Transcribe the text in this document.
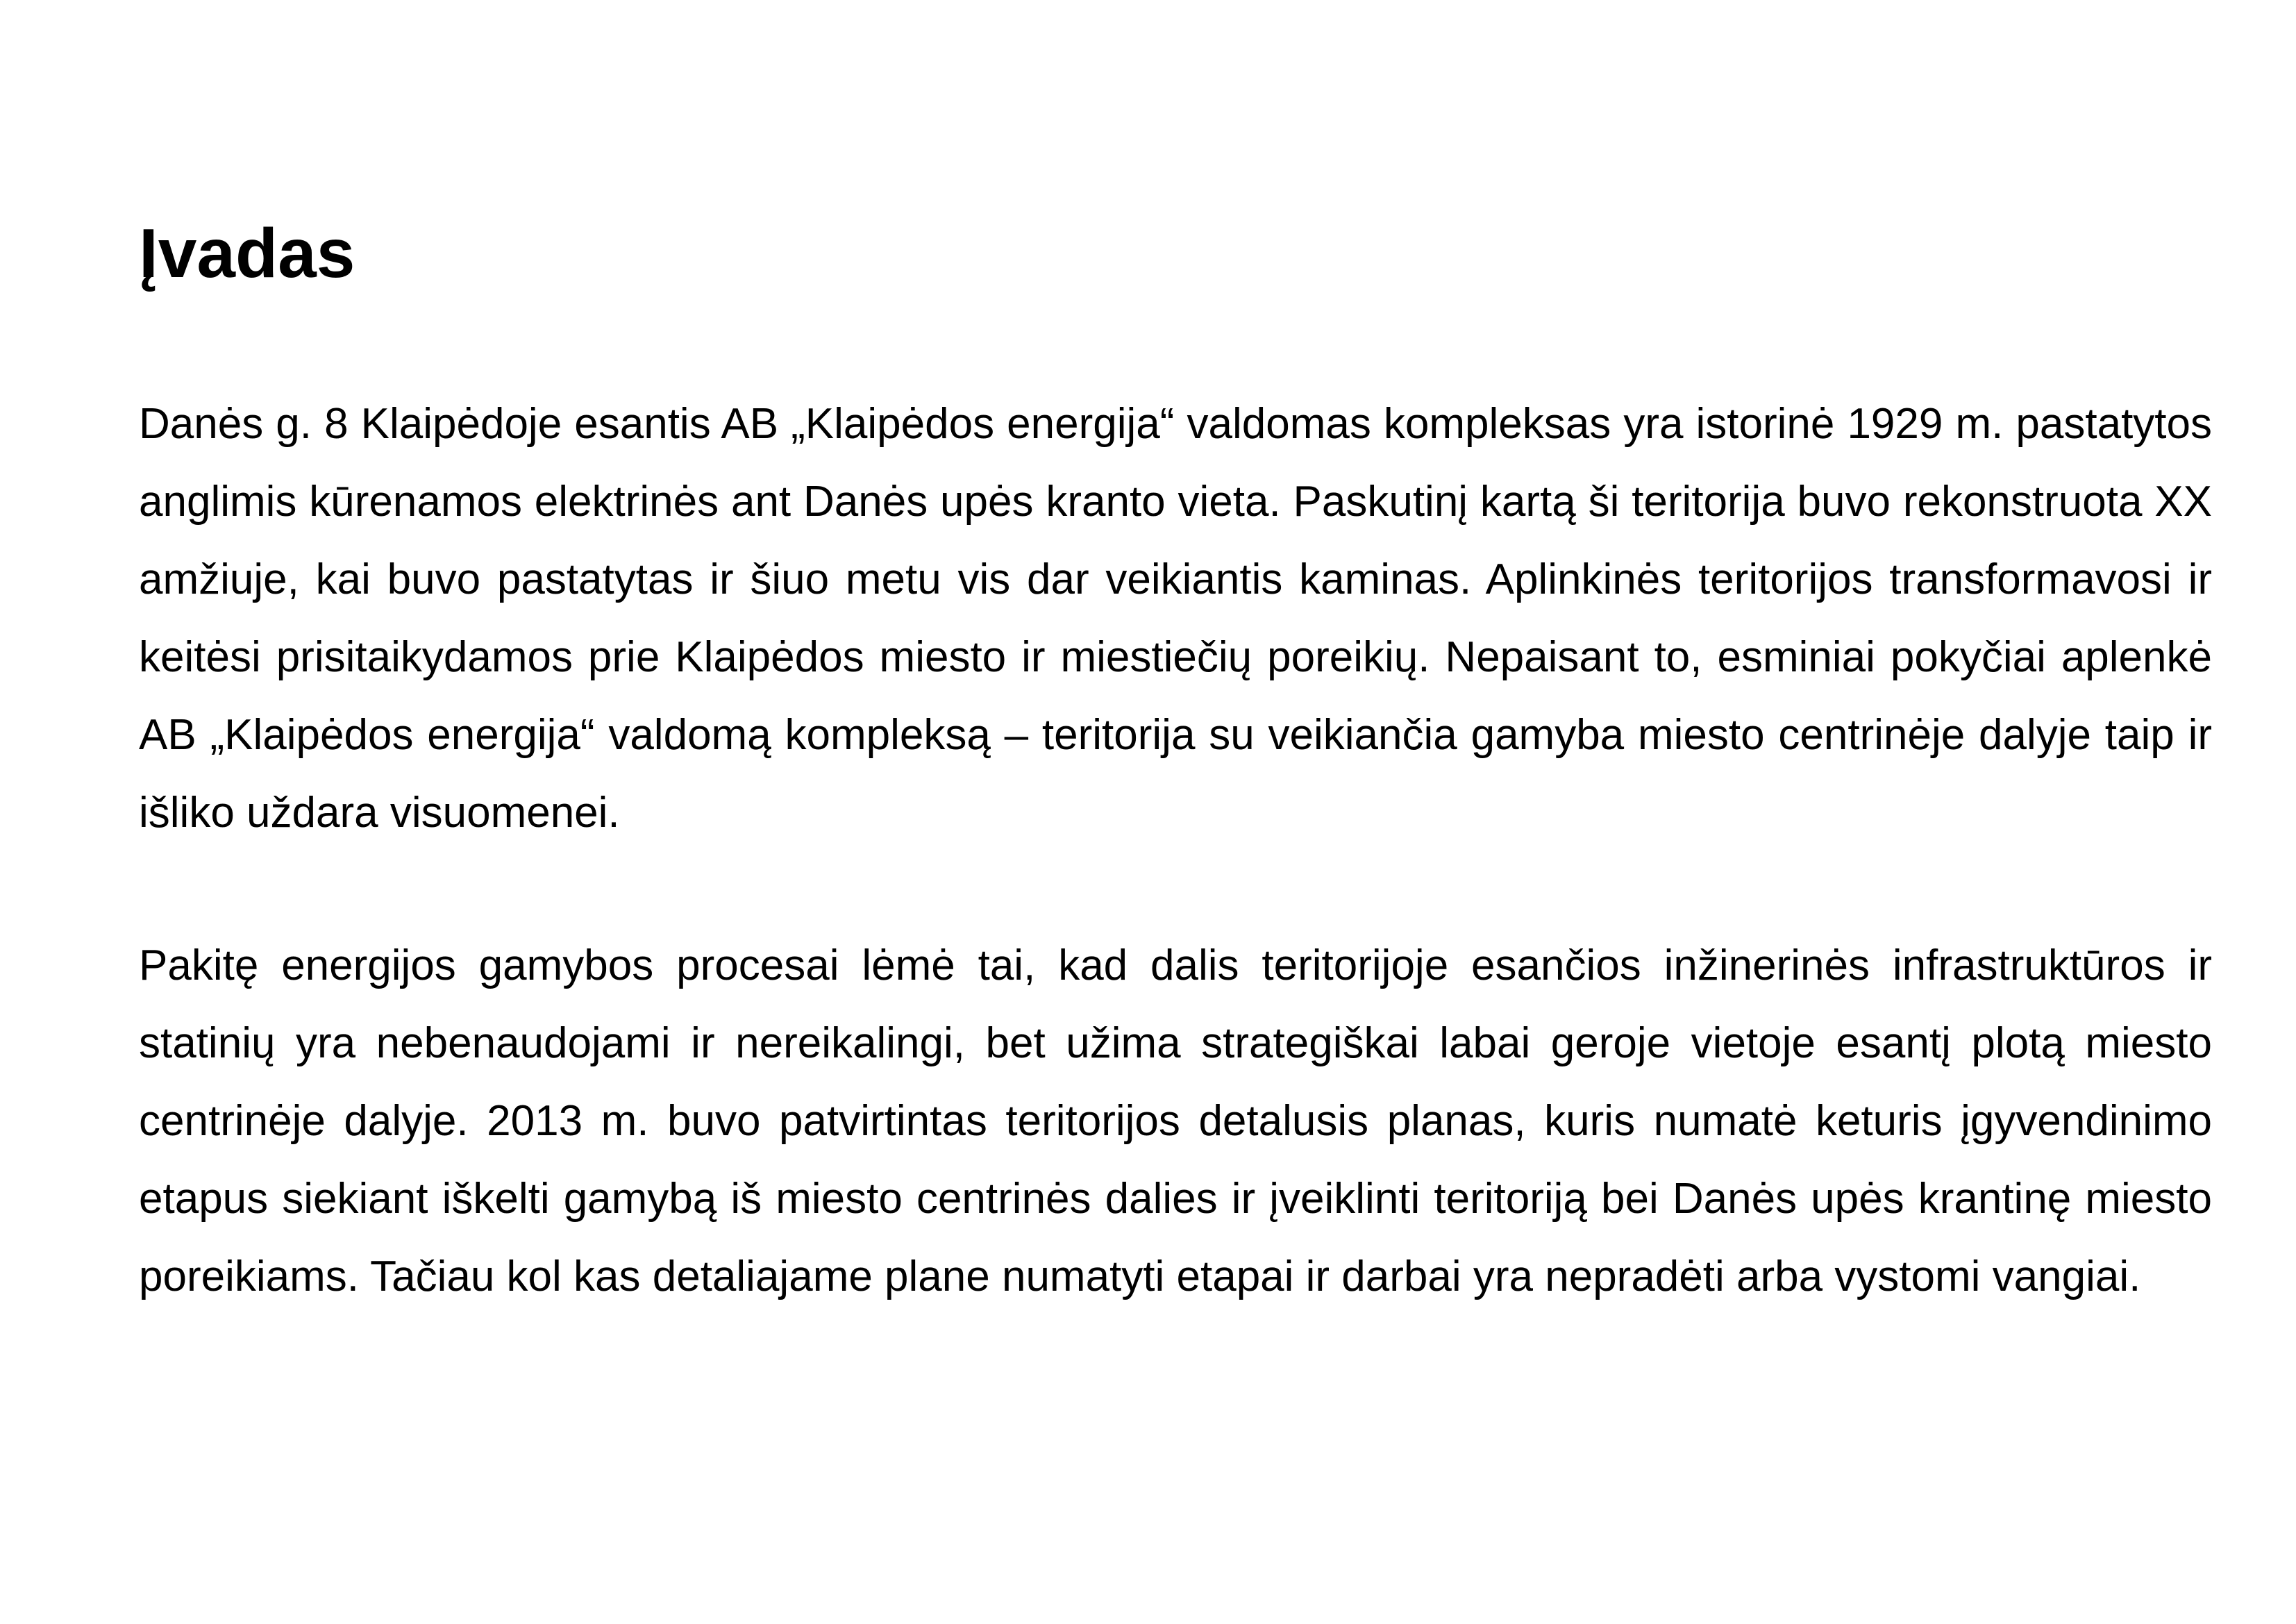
Įvadas

Danės g. 8 Klaipėdoje esantis AB „Klaipėdos energija“ valdomas kompleksas yra istorinė 1929 m. pastatytos anglimis kūrenamos elektrinės ant Danės upės kranto vieta. Paskutinį kartą ši teritorija buvo rekonstruota XX amžiuje, kai buvo pastatytas ir šiuo metu vis dar veikiantis kaminas. Aplinkinės teritorijos transformavosi ir keitėsi prisitaikydamos prie Klaipėdos miesto ir miestiečių poreikių. Nepaisant to, esminiai pokyčiai aplenkė AB „Klaipėdos energija“ valdomą kompleksą – teritorija su veikiančia gamyba miesto centrinėje dalyje taip ir išliko uždara visuomenei.

Pakitę energijos gamybos procesai lėmė tai, kad dalis teritorijoje esančios inžinerinės infrastruktūros ir statinių yra nebenaudojami ir nereikalingi, bet užima strategiškai labai geroje vietoje esantį plotą miesto centrinėje dalyje. 2013 m. buvo patvirtintas teritorijos detalusis planas, kuris numatė keturis įgyvendinimo etapus siekiant iškelti gamybą iš miesto centrinės dalies ir įveiklinti teritoriją bei Danės upės krantinę miesto poreikiams. Tačiau kol kas detaliajame plane numatyti etapai ir darbai yra nepradėti arba vystomi vangiai.
